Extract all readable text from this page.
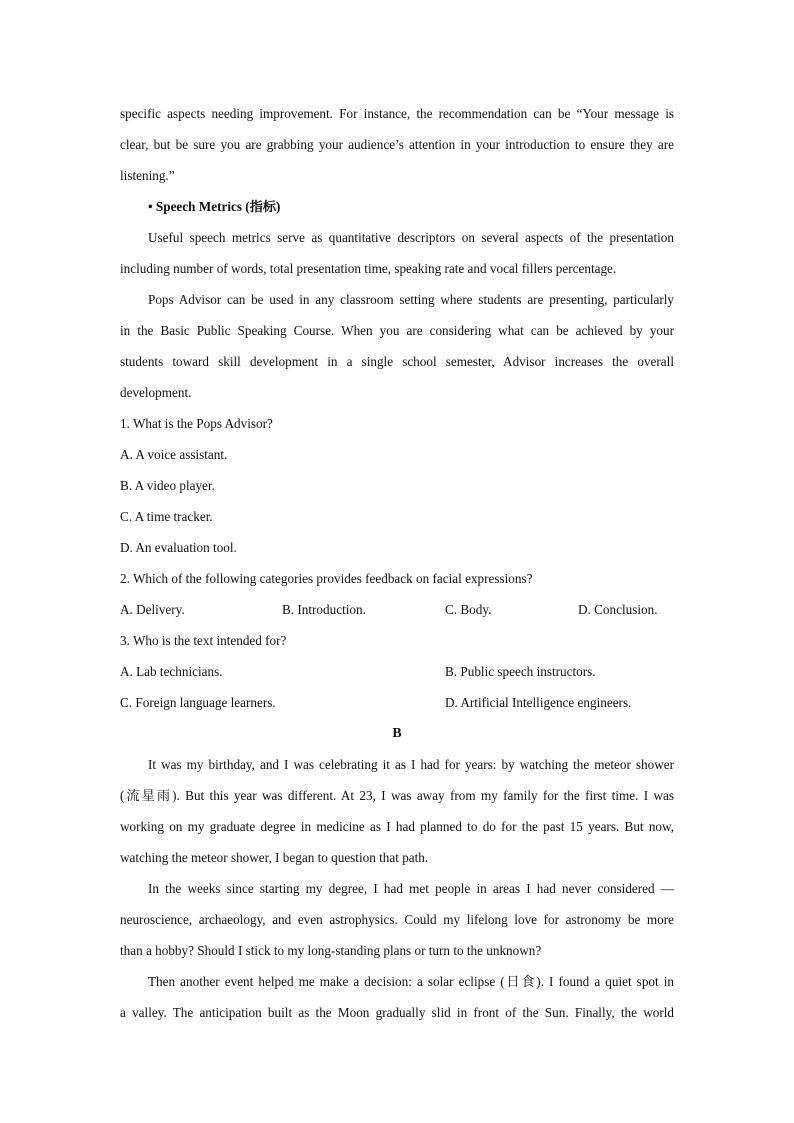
specific aspects needing improvement. For instance, the recommendation can be “Your message is
clear, but be sure you are grabbing your audience’s attention in your introduction to ensure they are
listening.”
• Speech Metrics (指标)
Useful speech metrics serve as quantitative descriptors on several aspects of the presentation
including number of words, total presentation time, speaking rate and vocal fillers percentage.
Pops Advisor can be used in any classroom setting where students are presenting, particularly
in the Basic Public Speaking Course. When you are considering what can be achieved by your
students toward skill development in a single school semester, Advisor increases the overall
development.
1. What is the Pops Advisor?
A. A voice assistant.
B. A video player.
C. A time tracker.
D. An evaluation tool.
2. Which of the following categories provides feedback on facial expressions?
A. Delivery.	B. Introduction.	C. Body.	D. Conclusion.
3. Who is the text intended for?
A. Lab technicians.	B. Public speech instructors.
C. Foreign language learners.	D. Artificial Intelligence engineers.
B
It was my birthday, and I was celebrating it as I had for years: by watching the meteor shower
(流星雨). But this year was different. At 23, I was away from my family for the first time. I was
working on my graduate degree in medicine as I had planned to do for the past 15 years. But now,
watching the meteor shower, I began to question that path.
In the weeks since starting my degree, I had met people in areas I had never considered —
neuroscience, archaeology, and even astrophysics. Could my lifelong love for astronomy be more
than a hobby? Should I stick to my long-standing plans or turn to the unknown?
Then another event helped me make a decision: a solar eclipse (日食). I found a quiet spot in
a valley. The anticipation built as the Moon gradually slid in front of the Sun. Finally, the world
